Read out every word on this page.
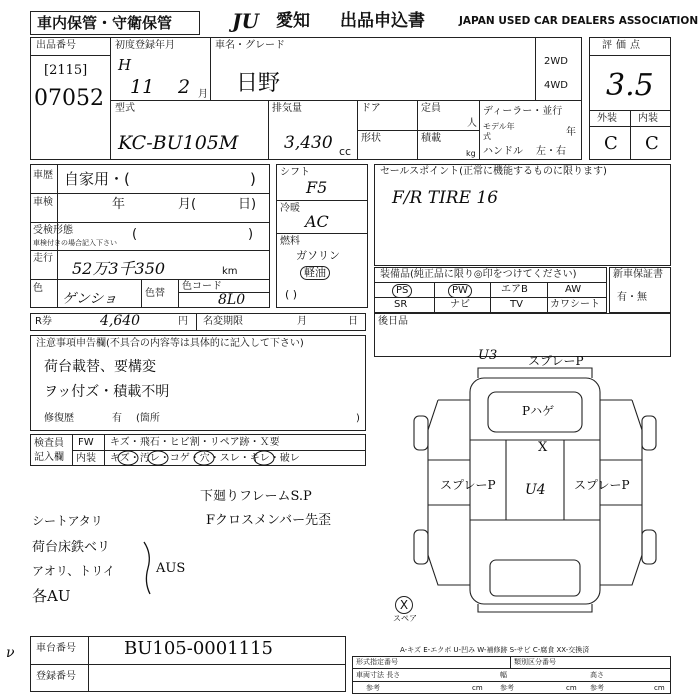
車内保管・守衛保管	JU	愛知 出品申込書	JAPAN USED CAR DEALERS ASSOCIATION
出品番号
[2115]
07052
初度登録年月
H
11 2 月
車名・グレード
日野
2WD
4WD
型式
KC-BU105M
排気量
3,430 cc
ドア	定員
人
形状	積載
kg
ディーラー・並行
モデル年式	年
ハンドル 左・右
評価点
3.5
外装 内装
C C
車歴 自家用・(	)
車検	年	月(	日)
受検形態
車検付きの場合記入下さい
(	)
走行
52万3千350	km
色
ゲンショ	色替
色コード
8L0
シフト
F5
冷暖
AC
燃料
ガソリン
軽油
( )
セールスポイント(正常に機能するものに限ります)
F/R TIRE 16
装備品(純正品に限り◎印をつけてください)
PS	PW	エアB	AW
SR	ナビ	TV	カワシート
新車保証書
有・無
R券	4,640	円 名変期限	月	日 後日品
注意事項申告欄(不具合の内容等は具体的に記入して下さい)
荷台載替、要構変
ヲッ付ズ・積載不明
修復歴	有 (箇所	)
検査員記入欄
FW キズ・飛石・ヒビ割・リペア跡・Ｘ要
内装 キズ・汚レ・コゲ・穴・スレ・キレ・破レ
下廻りフレームS.P
Fクロスメンバー先歪
シートアタリ
荷台床鉄ベリ
アオリ、トリイ
各AU
AUS
ν
U3	スプレーP
Pハゲ
X
スプレーP U4 スプレーP
X
スペア
A-キズ E-エクボ U-凹み W-補修跡 S-サビ C-腐食 XX-交換済
車台番号	BU105-0001115
登録番号
形式指定番号	類別区分番号
車両寸法 長さ	幅	高さ
参考	cm 参考	cm 参考	cm
